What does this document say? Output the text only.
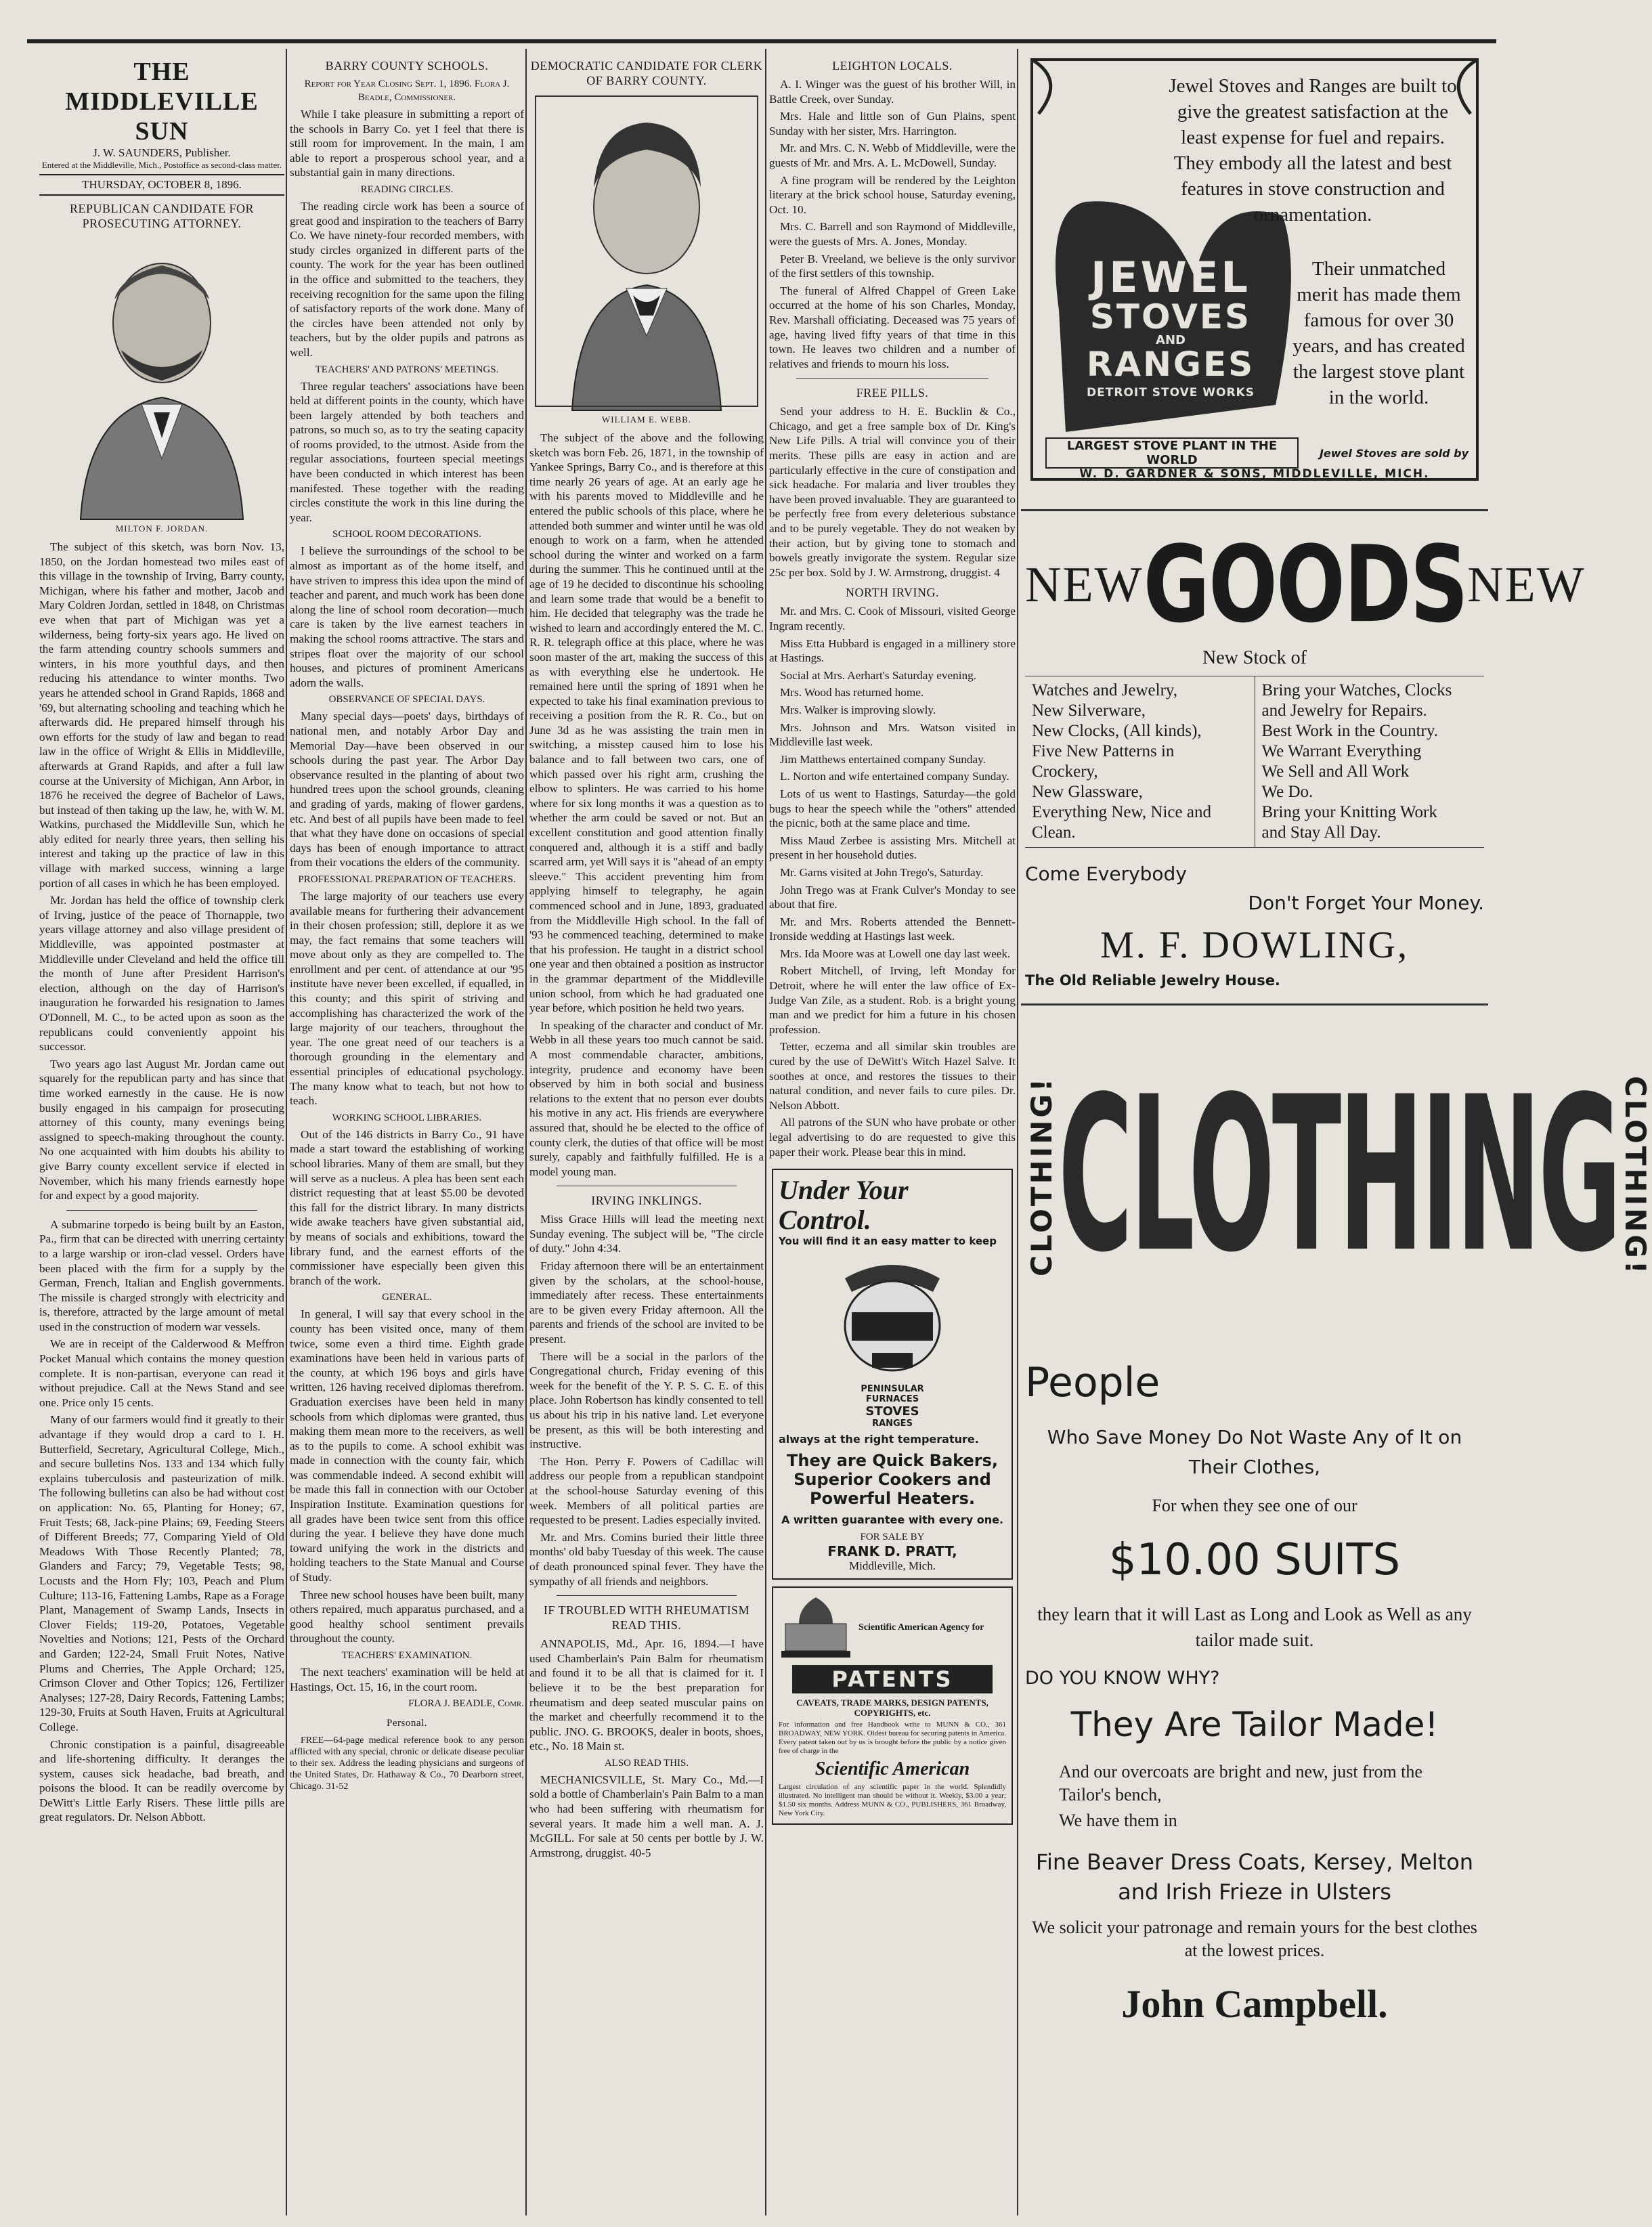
THE MIDDLEVILLE SUN
J. W. SAUNDERS, Publisher.
Entered at the Middleville, Mich., Postoffice as second-class matter.
THURSDAY, OCTOBER 8, 1896.
REPUBLICAN CANDIDATE FOR PROSECUTING ATTORNEY.
MILTON F. JORDAN.

The subject of this sketch, was born Nov. 13, 1850, on the Jordan homestead two miles east of this village in the township of Irving, Barry county, Michigan, where his father and mother, Jacob and Mary Coldren Jordan, settled in 1848, on Christmas eve when that part of Michigan was yet a wilderness, being forty-six years ago. He lived on the farm attending country schools summers and winters, in his more youthful days, and then reducing his attendance to winter months. Two years he attended school in Grand Rapids, 1868 and '69, but alternating schooling and teaching which he afterwards did. He prepared himself through his own efforts for the study of law and began to read law in the office of Wright & Ellis in Middleville, afterwards at Grand Rapids, and after a full law course at the University of Michigan, Ann Arbor, in 1876 he received the degree of Bachelor of Laws, but instead of then taking up the law, he, with W. M. Watkins, purchased the Middleville Sun, which he ably edited for nearly three years, then selling his interest and taking up the practice of law in this village with marked success, winning a large portion of all cases in which he has been employed.

Mr. Jordan has held the office of township clerk of Irving, justice of the peace of Thornapple, two years village attorney and also village president of Middleville, was appointed postmaster at Middleville under Cleveland and held the office till the month of June after President Harrison's election, although on the day of Harrison's inauguration he forwarded his resignation to James O'Donnell, M. C., to be acted upon as soon as the republicans could conveniently appoint his successor.

Two years ago last August Mr. Jordan came out squarely for the republican party and has since that time worked earnestly in the cause. He is now busily engaged in his campaign for prosecuting attorney of this county, many evenings being assigned to speech-making throughout the county. No one acquainted with him doubts his ability to give Barry county excellent service if elected in November, which his many friends earnestly hope for and expect by a good majority.

A submarine torpedo is being built by an Easton, Pa., firm that can be directed with unerring certainty to a large warship or iron-clad vessel. Orders have been placed with the firm for a supply by the German, French, Italian and English governments. The missile is charged strongly with electricity and is, therefore, attracted by the large amount of metal used in the construction of modern war vessels.

We are in receipt of the Calderwood & Meffron Pocket Manual which contains the money question complete. It is non-partisan, everyone can read it without prejudice. Call at the News Stand and see one. Price only 15 cents.

Many of our farmers would find it greatly to their advantage if they would drop a card to I. H. Butterfield, Secretary, Agricultural College, Mich., and secure bulletins Nos. 133 and 134 which fully explains tuberculosis and pasteurization of milk. The following bulletins can also be had without cost on application: No. 65, Planting for Honey; 67, Fruit Tests; 68, Jack-pine Plains; 69, Feeding Steers of Different Breeds; 77, Comparing Yield of Old Meadows With Those Recently Planted; 78, Glanders and Farcy; 79, Vegetable Tests; 98, Locusts and the Horn Fly; 103, Peach and Plum Culture; 113-16, Fattening Lambs, Rape as a Forage Plant, Management of Swamp Lands, Insects in Clover Fields; 119-20, Potatoes, Vegetable Novelties and Notions; 121, Pests of the Orchard and Garden; 122-24, Small Fruit Notes, Native Plums and Cherries, The Apple Orchard; 125, Crimson Clover and Other Topics; 126, Fertilizer Analyses; 127-28, Dairy Records, Fattening Lambs; 129-30, Fruits at South Haven, Fruits at Agricultural College.

Chronic constipation is a painful, disagreeable and life-shortening difficulty. It deranges the system, causes sick headache, bad breath, and poisons the blood. It can be readily overcome by DeWitt's Little Early Risers. These little pills are great regulators. Dr. Nelson Abbott.

BARRY COUNTY SCHOOLS.
Report for Year Closing Sept. 1, 1896. Flora J. Beadle, Commissioner.

While I take pleasure in submitting a report of the schools in Barry Co. yet I feel that there is still room for improvement. In the main, I am able to report a prosperous school year, and a substantial gain in many directions.

READING CIRCLES.

The reading circle work has been a source of great good and inspiration to the teachers of Barry Co. We have ninety-four recorded members, with study circles organized in different parts of the county. The work for the year has been outlined in the office and submitted to the teachers, they receiving recognition for the same upon the filing of satisfactory reports of the work done. Many of the circles have been attended not only by teachers, but by the older pupils and patrons as well.

TEACHERS' AND PATRONS' MEETINGS.

Three regular teachers' associations have been held at different points in the county, which have been largely attended by both teachers and patrons, so much so, as to try the seating capacity of rooms provided, to the utmost. Aside from the regular associations, fourteen special meetings have been conducted in which interest has been manifested. These together with the reading circles constitute the work in this line during the year.

SCHOOL ROOM DECORATIONS.

I believe the surroundings of the school to be almost as important as of the home itself, and have striven to impress this idea upon the mind of teacher and parent, and much work has been done along the line of school room decoration—much care is taken by the live earnest teachers in making the school rooms attractive. The stars and stripes float over the majority of our school houses, and pictures of prominent Americans adorn the walls.

OBSERVANCE OF SPECIAL DAYS.

Many special days—poets' days, birthdays of national men, and notably Arbor Day and Memorial Day—have been observed in our schools during the past year. The Arbor Day observance resulted in the planting of about two hundred trees upon the school grounds, cleaning and grading of yards, making of flower gardens, etc. And best of all pupils have been made to feel that what they have done on occasions of special days has been of enough importance to attract from their vocations the elders of the community.

PROFESSIONAL PREPARATION OF TEACHERS.

The large majority of our teachers use every available means for furthering their advancement in their chosen profession; still, deplore it as we may, the fact remains that some teachers will move about only as they are compelled to. The enrollment and per cent. of attendance at our '95 institute have never been excelled, if equalled, in this county; and this spirit of striving and accomplishing has characterized the work of the large majority of our teachers, throughout the year. The one great need of our teachers is a thorough grounding in the elementary and essential principles of educational psychology. The many know what to teach, but not how to teach.

WORKING SCHOOL LIBRARIES.

Out of the 146 districts in Barry Co., 91 have made a start toward the establishing of working school libraries. Many of them are small, but they will serve as a nucleus. A plea has been sent each district requesting that at least $5.00 be devoted this fall for the district library. In many districts wide awake teachers have given substantial aid, by means of socials and exhibitions, toward the library fund, and the earnest efforts of the commissioner have especially been given this branch of the work.

GENERAL.

In general, I will say that every school in the county has been visited once, many of them twice, some even a third time. Eighth grade examinations have been held in various parts of the county, at which 196 boys and girls have written, 126 having received diplomas therefrom. Graduation exercises have been held in many schools from which diplomas were granted, thus making them mean more to the receivers, as well as to the pupils to come. A school exhibit was made in connection with the county fair, which was commendable indeed. A second exhibit will be made this fall in connection with our October Inspiration Institute. Examination questions for all grades have been twice sent from this office during the year. I believe they have done much toward unifying the work in the districts and holding teachers to the State Manual and Course of Study.

Three new school houses have been built, many others repaired, much apparatus purchased, and a good healthy school sentiment prevails throughout the county.

TEACHERS' EXAMINATION.

The next teachers' examination will be held at Hastings, Oct. 15, 16, in the court room.

FLORA J. BEADLE, Comr.
Personal.

FREE—64-page medical reference book to any person afflicted with any special, chronic or delicate disease peculiar to their sex. Address the leading physicians and surgeons of the United States, Dr. Hathaway & Co., 70 Dearborn street, Chicago. 31-52

DEMOCRATIC CANDIDATE FOR CLERK OF BARRY COUNTY.
WILLIAM E. WEBB.

The subject of the above and the following sketch was born Feb. 26, 1871, in the township of Yankee Springs, Barry Co., and is therefore at this time nearly 26 years of age. At an early age he with his parents moved to Middleville and he entered the public schools of this place, where he attended both summer and winter until he was old enough to work on a farm, when he attended school during the winter and worked on a farm during the summer. This he continued until at the age of 19 he decided to discontinue his schooling and learn some trade that would be a benefit to him. He decided that telegraphy was the trade he wished to learn and accordingly entered the M. C. R. R. telegraph office at this place, where he was soon master of the art, making the success of this as with everything else he undertook. He remained here until the spring of 1891 when he expected to take his final examination previous to receiving a position from the R. R. Co., but on June 3d as he was assisting the train men in switching, a misstep caused him to lose his balance and to fall between two cars, one of which passed over his right arm, crushing the elbow to splinters. He was carried to his home where for six long months it was a question as to whether the arm could be saved or not. But an excellent constitution and good attention finally conquered and, although it is a stiff and badly scarred arm, yet Will says it is "ahead of an empty sleeve." This accident preventing him from applying himself to telegraphy, he again commenced school and in June, 1893, graduated from the Middleville High school. In the fall of '93 he commenced teaching, determined to make that his profession. He taught in a district school one year and then obtained a position as instructor in the grammar department of the Middleville union school, from which he had graduated one year before, which position he held two years.

In speaking of the character and conduct of Mr. Webb in all these years too much cannot be said. A most commendable character, ambitions, integrity, prudence and economy have been observed by him in both social and business relations to the extent that no person ever doubts his motive in any act. His friends are everywhere assured that, should he be elected to the office of county clerk, the duties of that office will be most surely, capably and faithfully fulfilled. He is a model young man.

IRVING INKLINGS.

Miss Grace Hills will lead the meeting next Sunday evening. The subject will be, "The circle of duty." John 4:34.

Friday afternoon there will be an entertainment given by the scholars, at the school-house, immediately after recess. These entertainments are to be given every Friday afternoon. All the parents and friends of the school are invited to be present.

There will be a social in the parlors of the Congregational church, Friday evening of this week for the benefit of the Y. P. S. C. E. of this place. John Robertson has kindly consented to tell us about his trip in his native land. Let everyone be present, as this will be both interesting and instructive.

The Hon. Perry F. Powers of Cadillac will address our people from a republican standpoint at the school-house Saturday evening of this week. Members of all political parties are requested to be present. Ladies especially invited.

Mr. and Mrs. Comins buried their little three months' old baby Tuesday of this week. The cause of death pronounced spinal fever. They have the sympathy of all friends and neighbors.

IF TROUBLED WITH RHEUMATISM READ THIS.

ANNAPOLIS, Md., Apr. 16, 1894.—I have used Chamberlain's Pain Balm for rheumatism and found it to be all that is claimed for it. I believe it to be the best preparation for rheumatism and deep seated muscular pains on the market and cheerfully recommend it to the public. JNO. G. BROOKS, dealer in boots, shoes, etc., No. 18 Main st.

ALSO READ THIS.

MECHANICSVILLE, St. Mary Co., Md.—I sold a bottle of Chamberlain's Pain Balm to a man who had been suffering with rheumatism for several years. It made him a well man. A. J. McGILL. For sale at 50 cents per bottle by J. W. Armstrong, druggist. 40-5

LEIGHTON LOCALS.

A. I. Winger was the guest of his brother Will, in Battle Creek, over Sunday.

Mrs. Hale and little son of Gun Plains, spent Sunday with her sister, Mrs. Harrington.

Mr. and Mrs. C. N. Webb of Middleville, were the guests of Mr. and Mrs. A. L. McDowell, Sunday.

A fine program will be rendered by the Leighton literary at the brick school house, Saturday evening, Oct. 10.

Mrs. C. Barrell and son Raymond of Middleville, were the guests of Mrs. A. Jones, Monday.

Peter B. Vreeland, we believe is the only survivor of the first settlers of this township.

The funeral of Alfred Chappel of Green Lake occurred at the home of his son Charles, Monday, Rev. Marshall officiating. Deceased was 75 years of age, having lived fifty years of that time in this town. He leaves two children and a number of relatives and friends to mourn his loss.

FREE PILLS.

Send your address to H. E. Bucklin & Co., Chicago, and get a free sample box of Dr. King's New Life Pills. A trial will convince you of their merits. These pills are easy in action and are particularly effective in the cure of constipation and sick headache. For malaria and liver troubles they have been proved invaluable. They are guaranteed to be perfectly free from every deleterious substance and to be purely vegetable. They do not weaken by their action, but by giving tone to stomach and bowels greatly invigorate the system. Regular size 25c per box. Sold by J. W. Armstrong, druggist. 4

NORTH IRVING.

Mr. and Mrs. C. Cook of Missouri, visited George Ingram recently.

Miss Etta Hubbard is engaged in a millinery store at Hastings.

Social at Mrs. Aerhart's Saturday evening.

Mrs. Wood has returned home.

Mrs. Walker is improving slowly.

Mrs. Johnson and Mrs. Watson visited in Middleville last week.

Jim Matthews entertained company Sunday.

L. Norton and wife entertained company Sunday.

Lots of us went to Hastings, Saturday—the gold bugs to hear the speech while the "others" attended the picnic, both at the same place and time.

Miss Maud Zerbee is assisting Mrs. Mitchell at present in her household duties.

Mr. Garns visited at John Trego's, Saturday.

John Trego was at Frank Culver's Monday to see about that fire.

Mr. and Mrs. Roberts attended the Bennett-Ironside wedding at Hastings last week.

Mrs. Ida Moore was at Lowell one day last week.

Robert Mitchell, of Irving, left Monday for Detroit, where he will enter the law office of Ex-Judge Van Zile, as a student. Rob. is a bright young man and we predict for him a future in his chosen profession.

Tetter, eczema and all similar skin troubles are cured by the use of DeWitt's Witch Hazel Salve. It soothes at once, and restores the tissues to their natural condition, and never fails to cure piles. Dr. Nelson Abbott.

All patrons of the SUN who have probate or other legal advertising to do are requested to give this paper their work. Please bear this in mind.

Under Your Control.
You will find it an easy matter to keep
PENINSULAR
FURNACES
STOVES
RANGES
always at the right temperature.
They are Quick Bakers, Superior Cookers and Powerful Heaters.
A written guarantee with every one.
FOR SALE BY
FRANK D. PRATT,
Middleville, Mich.
Scientific American Agency for
PATENTS
CAVEATS, TRADE MARKS, DESIGN PATENTS, COPYRIGHTS, etc.
For information and free Handbook write to MUNN & CO., 361 BROADWAY, NEW YORK. Oldest bureau for securing patents in America. Every patent taken out by us is brought before the public by a notice given free of charge in the
Scientific American
Largest circulation of any scientific paper in the world. Splendidly illustrated. No intelligent man should be without it. Weekly, $3.00 a year; $1.50 six months. Address MUNN & CO., PUBLISHERS, 361 Broadway, New York City.
Jewel Stoves and Ranges are built to give the greatest satisfaction at the least expense for fuel and repairs. They embody all the latest and best features in stove construction and ornamentation.
Their unmatched merit has made them famous for over 30 years, and has created the largest stove plant in the world.
JEWEL
STOVES
AND
RANGES
DETROIT STOVE WORKS
LARGEST STOVE PLANT IN THE WORLD	Jewel Stoves are sold by
W. D. GARDNER & SONS, MIDDLEVILLE, MICH.
NEW GOODS NEW
New Stock of
Watches and Jewelry,
New Silverware,
New Clocks, (All kinds),
Five New Patterns in
Crockery,
New Glassware,
Everything New, Nice and
Clean.
Bring your Watches, Clocks
and Jewelry for Repairs.
Best Work in the Country.
We Warrant Everything
We Sell and All Work
We Do.
Bring your Knitting Work
and Stay All Day.
Come Everybody
Don't Forget Your Money.
M. F. DOWLING,
The Old Reliable Jewelry House.
CLOTHING! CLOTHING CLOTHING!
People
Who Save Money Do Not Waste Any of It on Their Clothes,
For when they see one of our
$10.00 SUITS
they learn that it will Last as Long and Look as Well as any tailor made suit.
DO YOU KNOW WHY?
They Are Tailor Made!
And our overcoats are bright and new, just from the Tailor's bench,
We have them in
Fine Beaver Dress Coats, Kersey, Melton and Irish Frieze in Ulsters
We solicit your patronage and remain yours for the best clothes at the lowest prices.
John Campbell.
